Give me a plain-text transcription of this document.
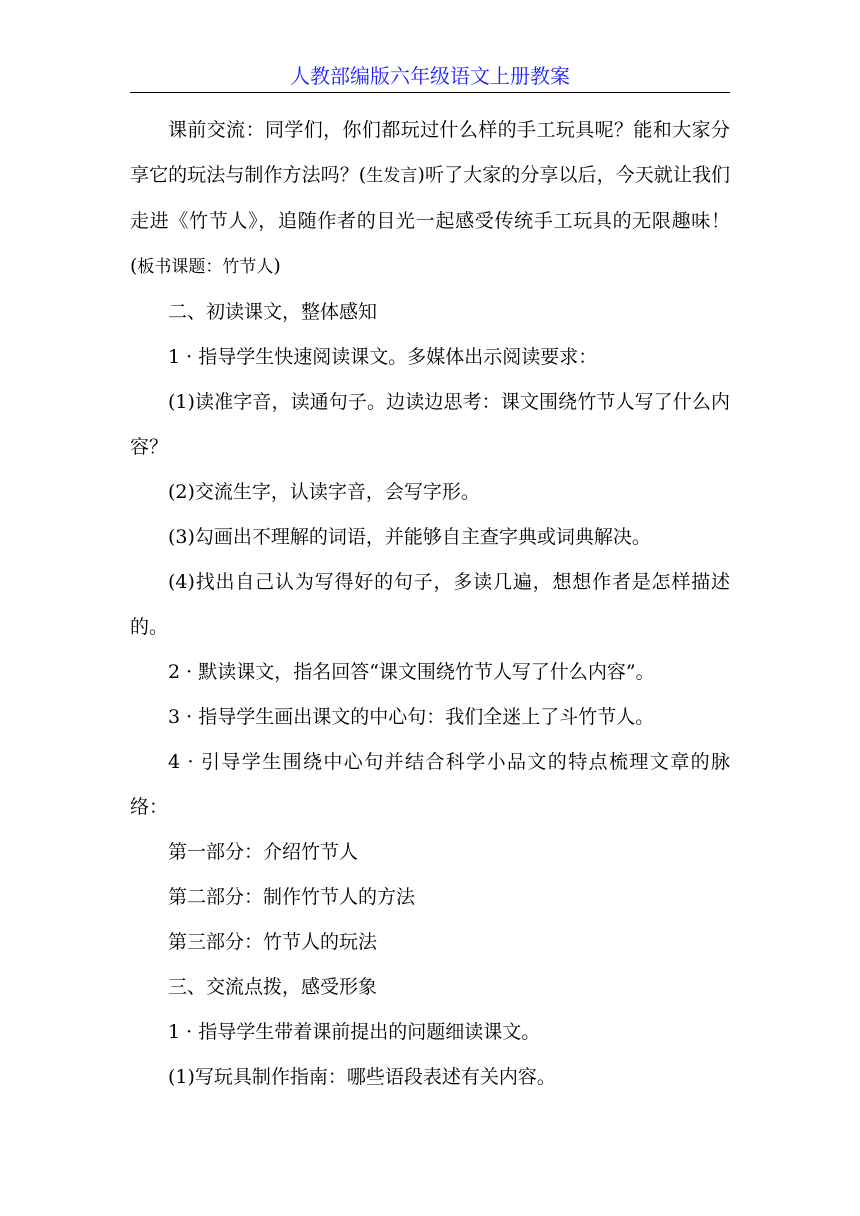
人教部编版六年级语文上册教案

课前交流：同学们，你们都玩过什么样的手工玩具呢？能和大家分享它的玩法与制作方法吗？(生发言)听了大家的分享以后，今天就让我们走进《竹节人》，追随作者的目光一起感受传统手工玩具的无限趣味！(板书课题：竹节人)

二、初读课文，整体感知

1 · 指导学生快速阅读课文。多媒体出示阅读要求：

(1)读准字音，读通句子。边读边思考：课文围绕竹节人写了什么内容？

(2)交流生字，认读字音，会写字形。

(3)勾画出不理解的词语，并能够自主查字典或词典解决。

(4)找出自己认为写得好的句子，多读几遍，想想作者是怎样描述的。

2 · 默读课文，指名回答“课文围绕竹节人写了什么内容”。

3 · 指导学生画出课文的中心句：我们全迷上了斗竹节人。

4 · 引导学生围绕中心句并结合科学小品文的特点梳理文章的脉络：

第一部分：介绍竹节人

第二部分：制作竹节人的方法

第三部分：竹节人的玩法

三、交流点拨，感受形象

1 · 指导学生带着课前提出的问题细读课文。

(1)写玩具制作指南：哪些语段表述有关内容。
